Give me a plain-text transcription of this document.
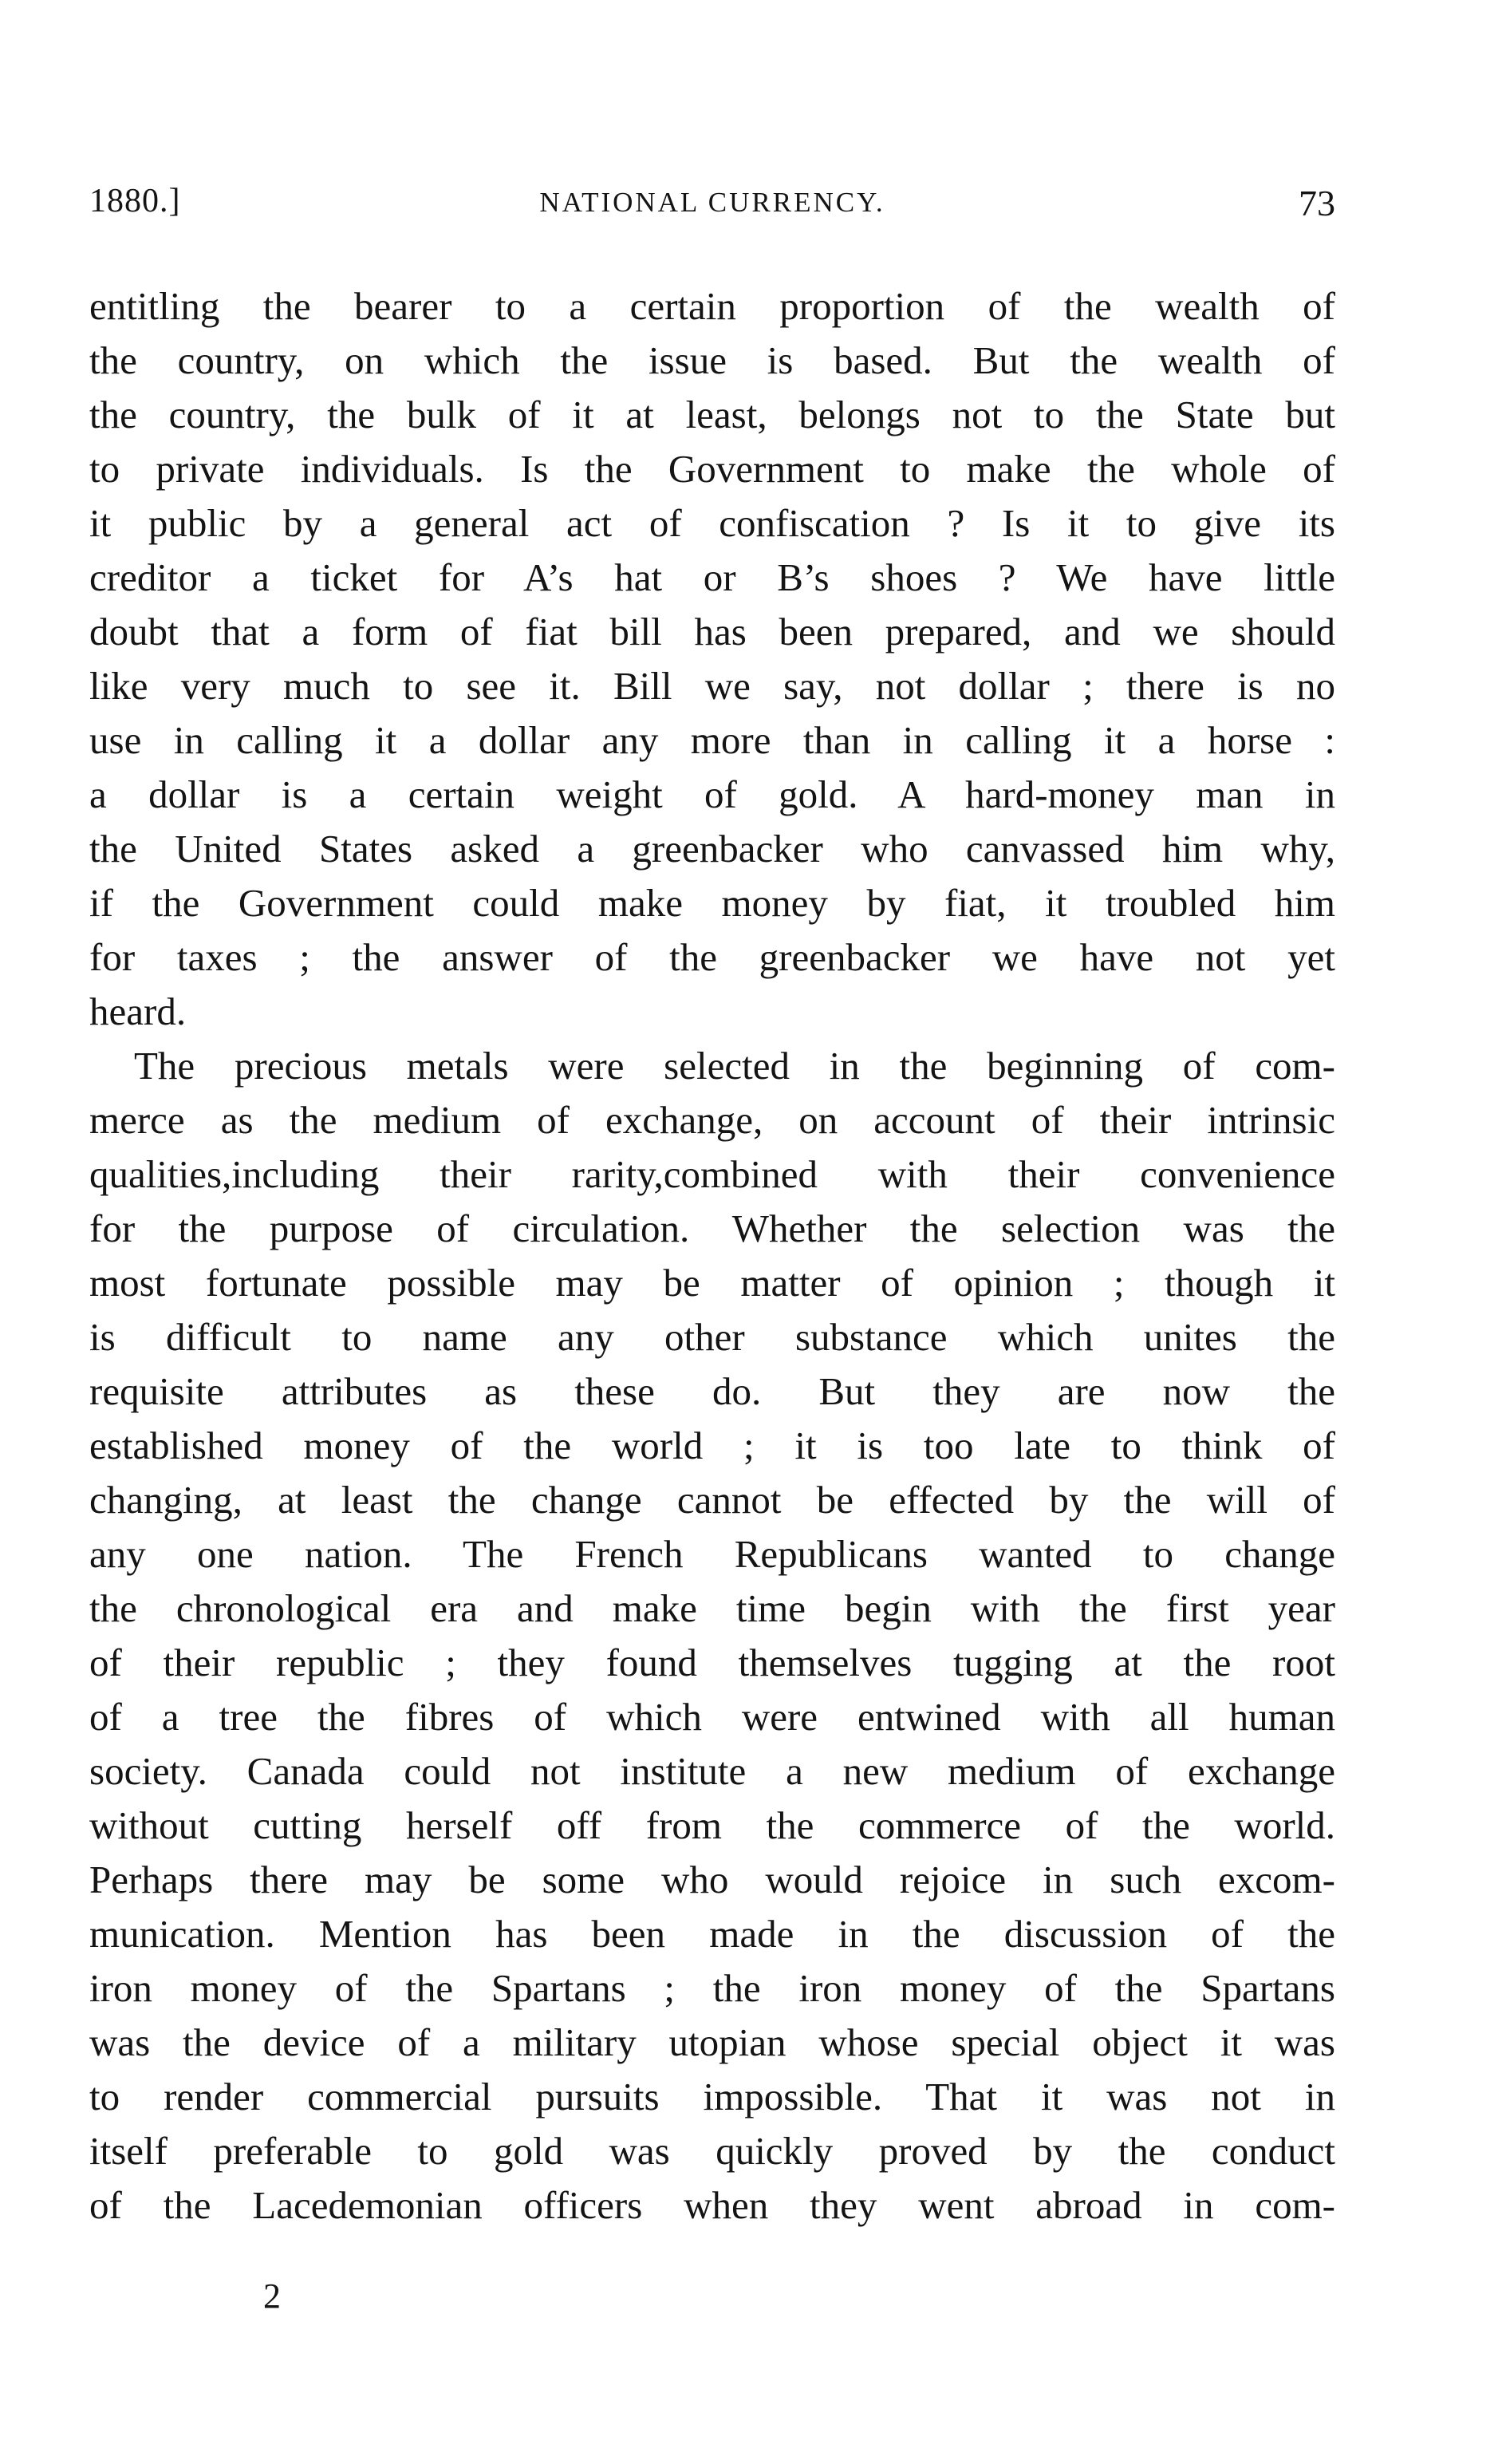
1880.]	NATIONAL CURRENCY.	73
entitling the bearer to a certain proportion of the wealth of
the country, on which the issue is based. But the wealth of
the country, the bulk of it at least, belongs not to the State but
to private individuals. Is the Government to make the whole of
it public by a general act of confiscation ? Is it to give its
creditor a ticket for A’s hat or B’s shoes ? We have little
doubt that a form of fiat bill has been prepared, and we should
like very much to see it. Bill we say, not dollar ; there is no
use in calling it a dollar any more than in calling it a horse :
a dollar is a certain weight of gold. A hard-money man in
the United States asked a greenbacker who canvassed him why,
if the Government could make money by fiat, it troubled him
for taxes ; the answer of the greenbacker we have not yet
heard.
The precious metals were selected in the beginning of com-
merce as the medium of exchange, on account of their intrinsic
qualities,including their rarity,combined with their convenience
for the purpose of circulation. Whether the selection was the
most fortunate possible may be matter of opinion ; though it
is difficult to name any other substance which unites the
requisite attributes as these do. But they are now the
established money of the world ; it is too late to think of
changing, at least the change cannot be effected by the will of
any one nation. The French Republicans wanted to change
the chronological era and make time begin with the first year
of their republic ; they found themselves tugging at the root
of a tree the fibres of which were entwined with all human
society. Canada could not institute a new medium of exchange
without cutting herself off from the commerce of the world.
Perhaps there may be some who would rejoice in such excom-
munication. Mention has been made in the discussion of the
iron money of the Spartans ; the iron money of the Spartans
was the device of a military utopian whose special object it was
to render commercial pursuits impossible. That it was not in
itself preferable to gold was quickly proved by the conduct
of the Lacedemonian officers when they went abroad in com-
2
